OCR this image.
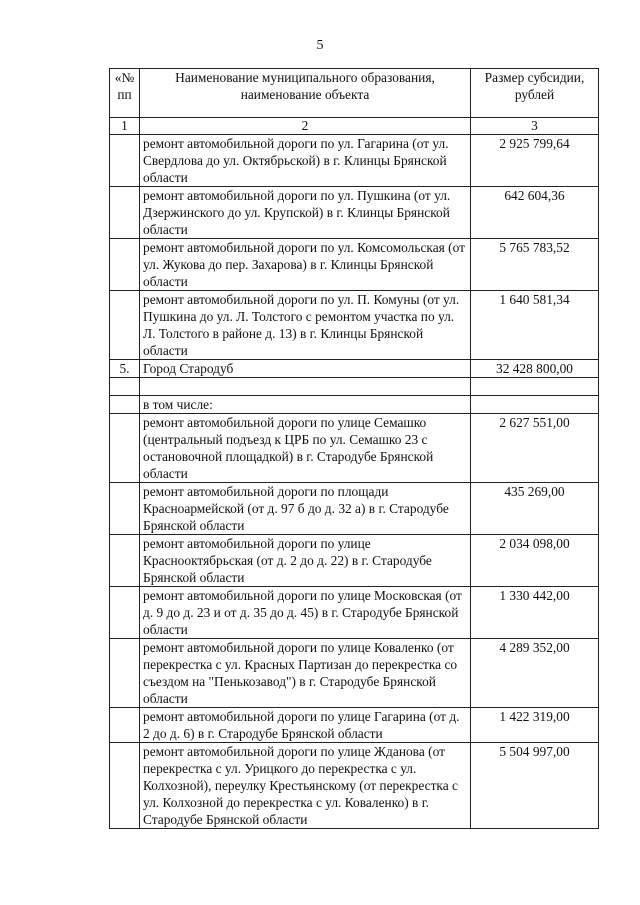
5
«№ пп	Наименование муниципального образования, наименование объекта	Размер субсидии, рублей
1	2	3
	ремонт автомобильной дороги по ул. Гагарина (от ул. Свердлова до ул. Октябрьской) в г. Клинцы Брянской области	2 925 799,64
	ремонт автомобильной дороги по ул. Пушкина (от ул. Дзержинского до ул. Крупской) в г. Клинцы Брянской области	642 604,36
	ремонт автомобильной дороги по ул. Комсомольская (от ул. Жукова до пер. Захарова) в г. Клинцы Брянской области	5 765 783,52
	ремонт автомобильной дороги по ул. П. Комуны (от ул. Пушкина до ул. Л. Толстого с ремонтом участка по ул. Л. Толстого в районе д. 13) в г. Клинцы Брянской области	1 640 581,34
5.	Город Стародуб	32 428 800,00

	в том числе:	
	ремонт автомобильной дороги по улице Семашко (центральный подъезд к ЦРБ по ул. Семашко 23 с остановочной площадкой) в г. Стародубе Брянской области	2 627 551,00
	ремонт автомобильной дороги по площади Красноармейской (от д. 97 б до д. 32 а) в г. Стародубе Брянской области	435 269,00
	ремонт автомобильной дороги по улице Краснооктябрьская (от д. 2 до д. 22) в г. Стародубе Брянской области	2 034 098,00
	ремонт автомобильной дороги по улице Московская (от д. 9 до д. 23 и от д. 35 до д. 45) в г. Стародубе Брянской области	1 330 442,00
	ремонт автомобильной дороги по улице Коваленко (от перекрестка с ул. Красных Партизан до перекрестка со съездом на "Пенькозавод") в г. Стародубе Брянской области	4 289 352,00
	ремонт автомобильной дороги по улице Гагарина (от д. 2 до д. 6) в г. Стародубе Брянской области	1 422 319,00
	ремонт автомобильной дороги по улице Жданова (от перекрестка с ул. Урицкого до перекрестка с ул. Колхозной), переулку Крестьянскому (от перекрестка с ул. Колхозной до перекрестка с ул. Коваленко) в г. Стародубе Брянской области	5 504 997,00
